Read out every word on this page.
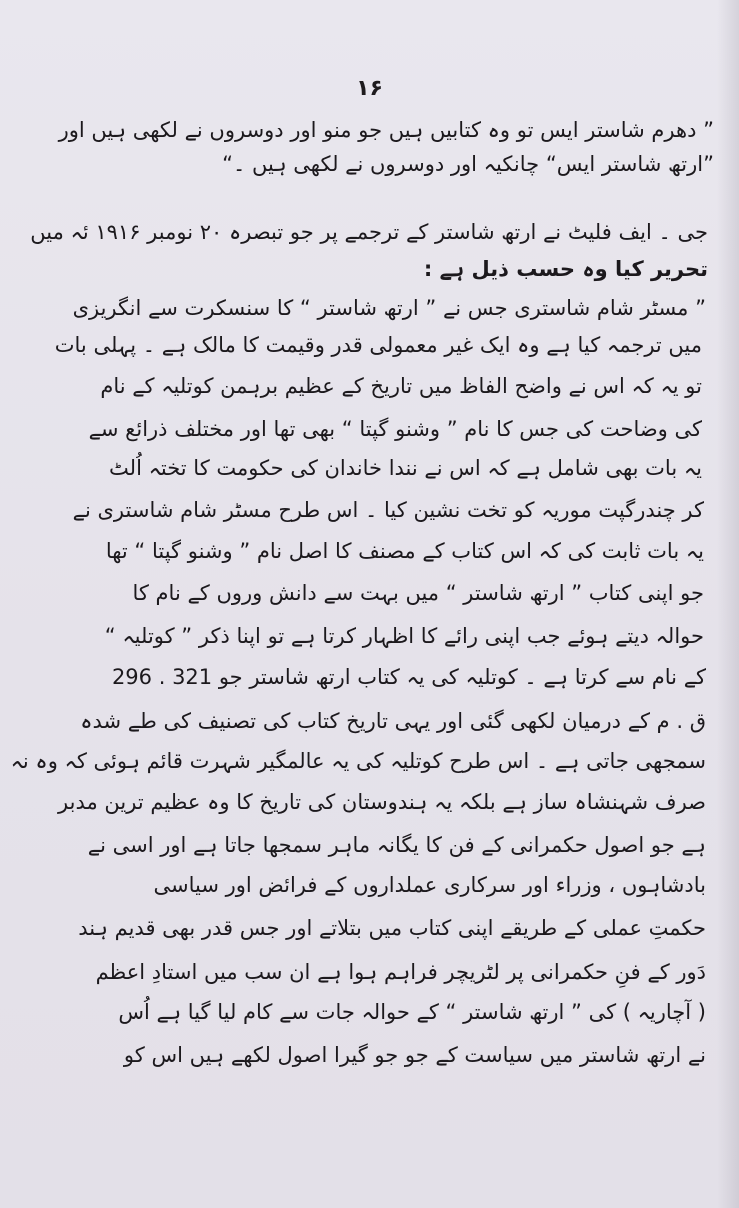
۱۶
” دھرم شاستر ایس تو وہ کتابیں ہیں جو منو اور دوسروں نے لکھی ہیں اور
”ارتھ شاستر ایس“ چانکیہ اور دوسروں نے لکھی ہیں ۔“
جی ۔ ایف فلیٹ نے ارتھ شاستر کے ترجمے پر جو تبصرہ ۲۰ نومبر ۱۹۱۶ ئہ میں
تحریر کیا وہ حسب ذیل ہے :
” مسٹر شام شاستری جس نے ” ارتھ شاستر “ کا سنسکرت سے انگریزی
میں ترجمہ کیا ہے وہ ایک غیر معمولی قدر وقیمت کا مالک ہے ۔ پہلی بات
تو یہ کہ اس نے واضح الفاظ میں تاریخ کے عظیم برہمن کوتلیہ کے نام
کی وضاحت کی جس کا نام ” وشنو گپتا “ بھی تھا اور مختلف ذرائع سے
یہ بات بھی شامل ہے کہ اس نے نندا خاندان کی حکومت کا تختہ اُلٹ
کر چندرگپت موریہ کو تخت نشین کیا ۔ اس طرح مسٹر شام شاستری نے
یہ بات ثابت کی کہ اس کتاب کے مصنف کا اصل نام ” وشنو گپتا “ تھا
جو اپنی کتاب ” ارتھ شاستر “ میں بہت سے دانش وروں کے نام کا
حوالہ دیتے ہوئے جب اپنی رائے کا اظہار کرتا ہے تو اپنا ذکر ” کوتلیہ “
کے نام سے کرتا ہے ۔ کوتلیہ کی یہ کتاب ارتھ شاستر جو 321 . 296
ق . م کے درمیان لکھی گئی اور یہی تاریخ کتاب کی تصنیف کی طے شدہ
سمجھی جاتی ہے ۔ اس طرح کوتلیہ کی یہ عالمگیر شہرت قائم ہوئی کہ وہ نہ
صرف شہنشاہ ساز ہے بلکہ یہ ہندوستان کی تاریخ کا وہ عظیم ترین مدبر
ہے جو اصول حکمرانی کے فن کا یگانہ ماہر سمجھا جاتا ہے اور اسی نے
بادشاہوں ، وزراء اور سرکاری عملداروں کے فرائض اور سیاسی
حکمتِ عملی کے طریقے اپنی کتاب میں بتلاتے اور جس قدر بھی قدیم ہند
دَور کے فنِ حکمرانی پر لٹریچر فراہم ہوا ہے ان سب میں استادِ اعظم
( آچاریہ ) کی ” ارتھ شاستر “ کے حوالہ جات سے کام لیا گیا ہے اُس
نے ارتھ شاستر میں سیاست کے جو جو گیرا اصول لکھے ہیں اس کو
